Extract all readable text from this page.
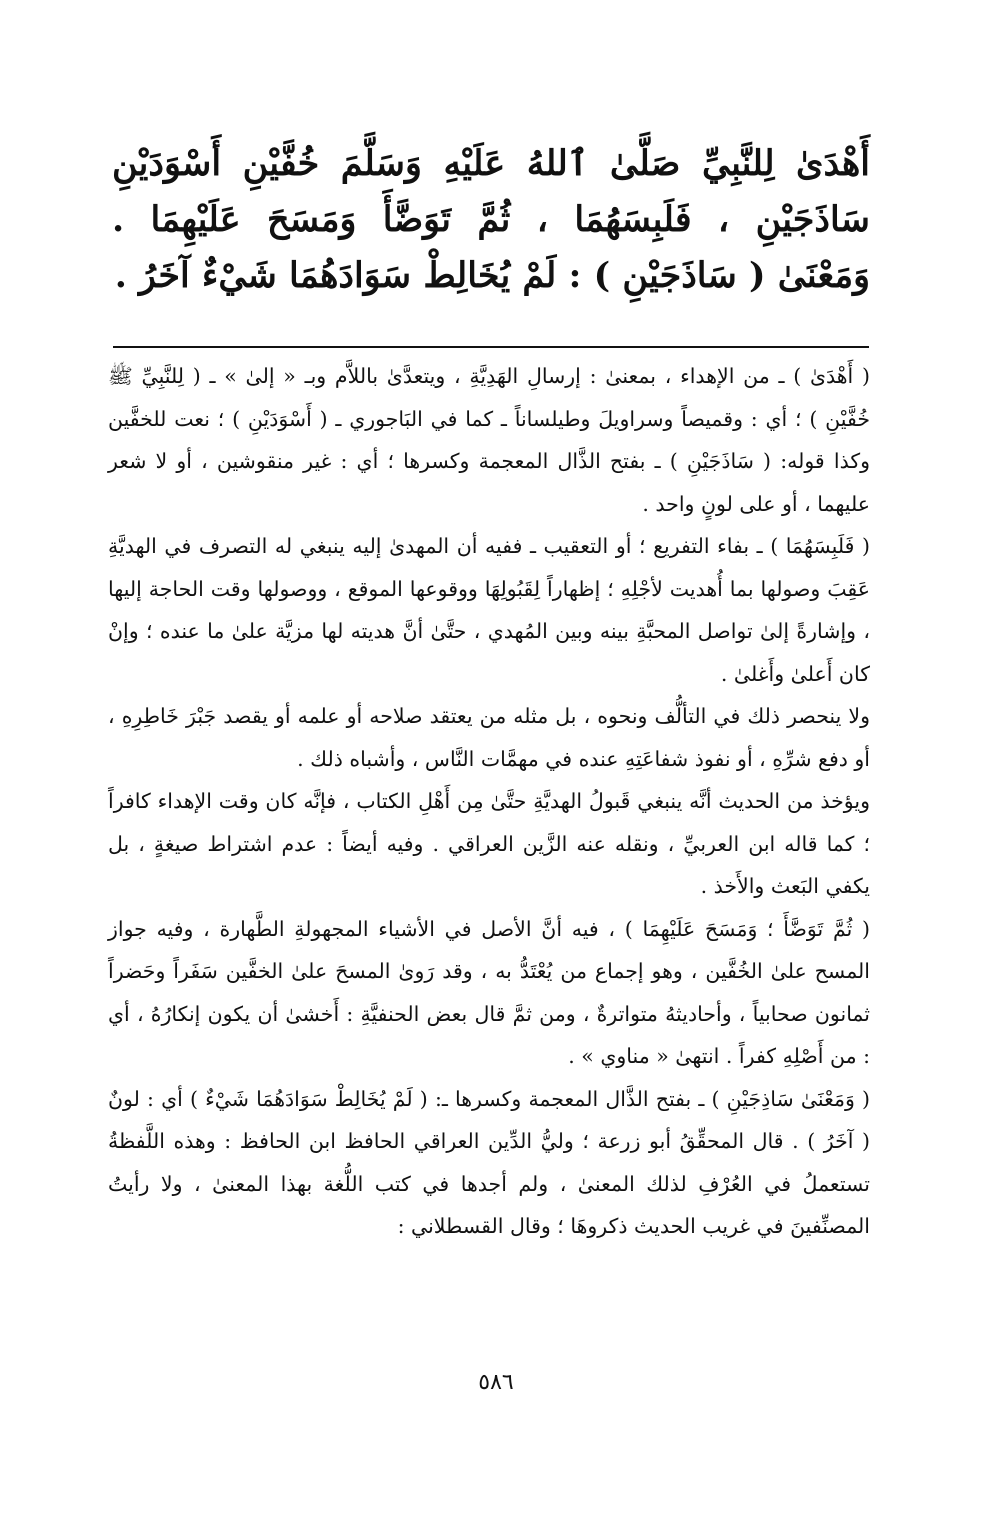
أَهْدَىٰ لِلنَّبِيِّ صَلَّىٰ ٱللهُ عَلَيْهِ وَسَلَّمَ خُفَّيْنِ أَسْوَدَيْنِ سَاذَجَيْنِ ، فَلَبِسَهُمَا ، ثُمَّ تَوَضَّأَ وَمَسَحَ عَلَيْهِمَا .

وَمَعْنَىٰ ( سَاذَجَيْنِ ) : لَمْ يُخَالِطْ سَوَادَهُمَا شَيْءٌ آخَرُ .

( أَهْدَىٰ ) ـ من الإهداء ، بمعنىٰ : إرسالِ الهَدِيَّةِ ، ويتعدَّىٰ باللاَّم وبـ « إلىٰ » ـ ( لِلنَّبِيِّ ﷺ خُفَّيْنِ ) ؛ أي : وقميصاً وسراويلَ وطيلساناً ـ كما في البَاجوري ـ ( أَسْوَدَيْنِ ) ؛ نعت للخفَّين وكذا قوله: ( سَاذَجَيْنِ ) ـ بفتح الذَّال المعجمة وكسرها ؛ أي : غير منقوشين ، أو لا شعر عليهما ، أو على لونٍ واحد .

( فَلَبِسَهُمَا ) ـ بفاء التفريع ؛ أو التعقيب ـ ففيه أن المهدىٰ إليه ينبغي له التصرف في الهديَّةِ عَقِبَ وصولها بما أُهديت لأجْلِهِ ؛ إظهاراً لِقَبُولِهَا ووقوعها الموقع ، ووصولها وقت الحاجة إليها ، وإشارةً إلىٰ تواصل المحبَّةِ بينه وبين المُهدي ، حتَّىٰ أنَّ هديته لها مزيَّة علىٰ ما عنده ؛ وإنْ كان أَعلىٰ وأَغلىٰ .

ولا ينحصر ذلك في التألُّف ونحوه ، بل مثله من يعتقد صلاحه أو علمه أو يقصد جَبْرَ خَاطِرِهِ ، أو دفع شرِّهِ ، أو نفوذ شفاعَتِهِ عنده في مهمَّات النَّاس ، وأشباه ذلك .

ويؤخذ من الحديث أنَّه ينبغي قَبولُ الهديَّةِ حتَّىٰ مِن أَهْلِ الكتاب ، فإنَّه كان وقت الإهداء كافراً ؛ كما قاله ابن العربيِّ ، ونقله عنه الزَّين العراقي . وفيه أيضاً : عدم اشتراط صيغةٍ ، بل يكفي البَعث والأَخذ .

( ثُمَّ تَوَضَّأَ ؛ وَمَسَحَ عَلَيْهِمَا ) ، فيه أنَّ الأصل في الأشياء المجهولةِ الطَّهارة ، وفيه جواز المسح علىٰ الخُفَّين ، وهو إجماع من يُعْتَدُّ به ، وقد رَوىٰ المسحَ علىٰ الخفَّين سَفَراً وحَضراً ثمانون صحابياً ، وأحاديثهُ متواترةٌ ، ومن ثمَّ قال بعض الحنفيَّةِ : أَخشىٰ أن يكون إنكارُهُ ، أي : من أَصْلِهِ كفراً . انتهىٰ « مناوي » .

( وَمَعْنَىٰ سَاذِجَيْنِ ) ـ بفتح الذَّال المعجمة وكسرها ـ: ( لَمْ يُخَالِطْ سَوَادَهُمَا شَيْءٌ ) أي : لونٌ ( آخَرُ ) . قال المحقِّقُ أبو زرعة ؛ وليُّ الدِّين العراقي الحافظ ابن الحافظ : وهذه اللَّفظةُ تستعملُ في العُرْفِ لذلك المعنىٰ ، ولم أجدها في كتب اللُّغة بهذا المعنىٰ ، ولا رأيتُ المصنِّفينَ في غريب الحديث ذكروهَا ؛ وقال القسطلاني :

٥٨٦
